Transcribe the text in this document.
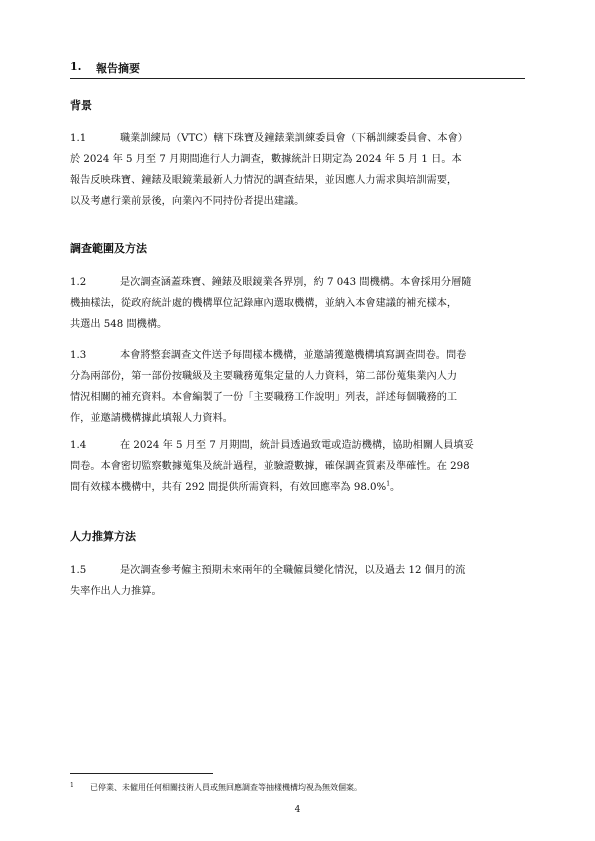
1. 報告摘要
背景
1.1	職業訓練局（VTC）轄下珠寶及鐘錶業訓練委員會（下稱訓練委員會、本會）
於 2024 年 5 月至 7 月期間進行人力調查，數據統計日期定為 2024 年 5 月 1 日。本
報告反映珠寶、鐘錶及眼鏡業最新人力情況的調查結果，並因應人力需求與培訓需要，
以及考慮行業前景後，向業內不同持份者提出建議。
調查範圍及方法
1.2	是次調查涵蓋珠寶、鐘錶及眼鏡業各界別，約 7 043 間機構。本會採用分層隨
機抽樣法，從政府統計處的機構單位記錄庫內選取機構，並納入本會建議的補充樣本，
共選出 548 間機構。
1.3	本會將整套調查文件送予每間樣本機構，並邀請獲邀機構填寫調查問卷。問卷
分為兩部份，第一部份按職級及主要職務蒐集定量的人力資料，第二部份蒐集業內人力
情況相關的補充資料。本會編製了一份「主要職務工作說明」列表，詳述每個職務的工
作，並邀請機構據此填報人力資料。
1.4	在 2024 年 5 月至 7 月期間，統計員透過致電或造訪機構，協助相關人員填妥
問卷。本會密切監察數據蒐集及統計過程，並驗證數據，確保調查質素及準確性。在 298
間有效樣本機構中，共有 292 間提供所需資料，有效回應率為 98.0%$^1$。
人力推算方法
1.5	是次調查參考僱主預期未來兩年的全職僱員變化情況，以及過去 12 個月的流
失率作出人力推算。
1 已停業、未僱用任何相關技術人員或無回應調查等抽樣機構均視為無效個案。
4
